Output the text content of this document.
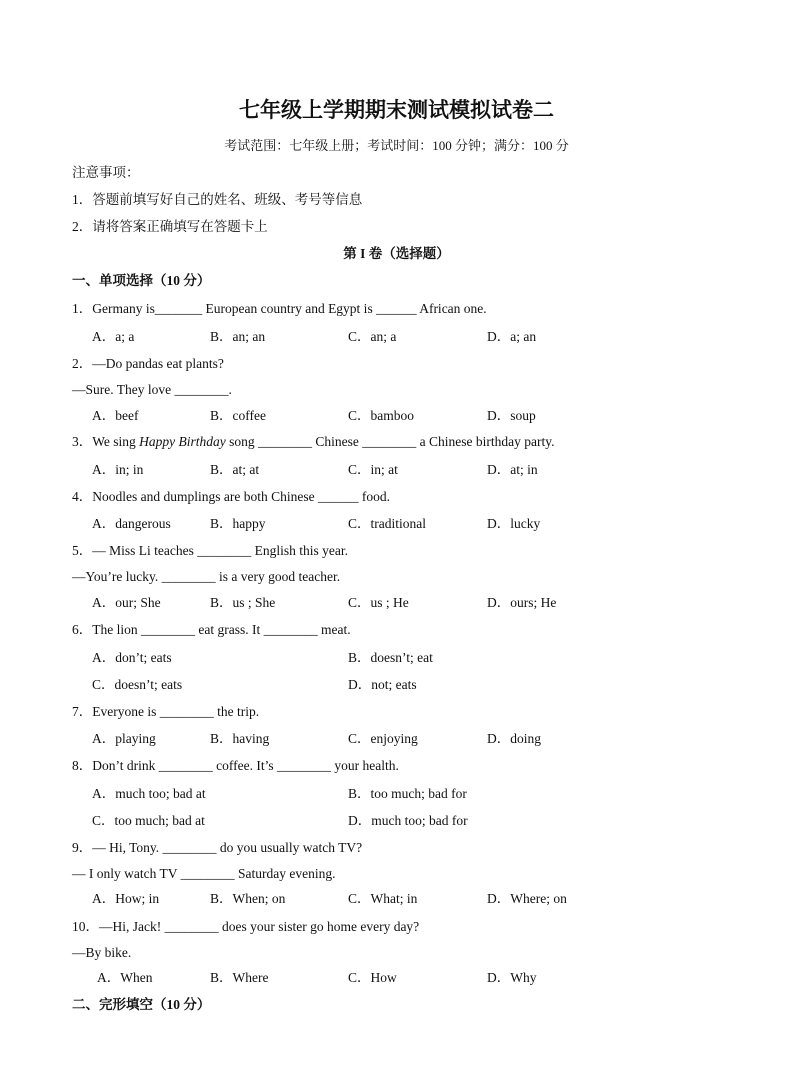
七年级上学期期末测试模拟试卷二
考试范围：七年级上册；考试时间：100 分钟；满分：100 分
注意事项：
1．答题前填写好自己的姓名、班级、考号等信息
2．请将答案正确填写在答题卡上
第 I 卷（选择题）
一、单项选择（10 分）
1．Germany is_______ European country and Egypt is ______ African one.
A．a; a	B．an; an	C．an; a	D．a; an
2．—Do pandas eat plants?
—Sure. They love ________.
A．beef	B．coffee	C．bamboo	D．soup
3．We sing Happy Birthday song ________ Chinese ________ a Chinese birthday party.
A．in; in	B．at; at	C．in; at	D．at; in
4．Noodles and dumplings are both Chinese ______ food.
A．dangerous	B．happy	C．traditional	D．lucky
5．— Miss Li teaches ________ English this year.
—You’re lucky. ________ is a very good teacher.
A．our; She	B．us ; She	C．us ; He	D．ours; He
6．The lion ________ eat grass. It ________ meat.
A．don’t; eats	B．doesn’t; eat
C．doesn’t; eats	D．not; eats
7．Everyone is ________ the trip.
A．playing	B．having	C．enjoying	D．doing
8．Don’t drink ________ coffee. It’s ________ your health.
A．much too; bad at	B．too much; bad for
C．too much; bad at	D．much too; bad for
9．— Hi, Tony. ________ do you usually watch TV?
— I only watch TV ________ Saturday evening.
A．How; in	B．When; on	C．What; in	D．Where; on
10．—Hi, Jack! ________ does your sister go home every day?
—By bike.
A．When	B．Where	C．How	D．Why
二、完形填空（10 分）
